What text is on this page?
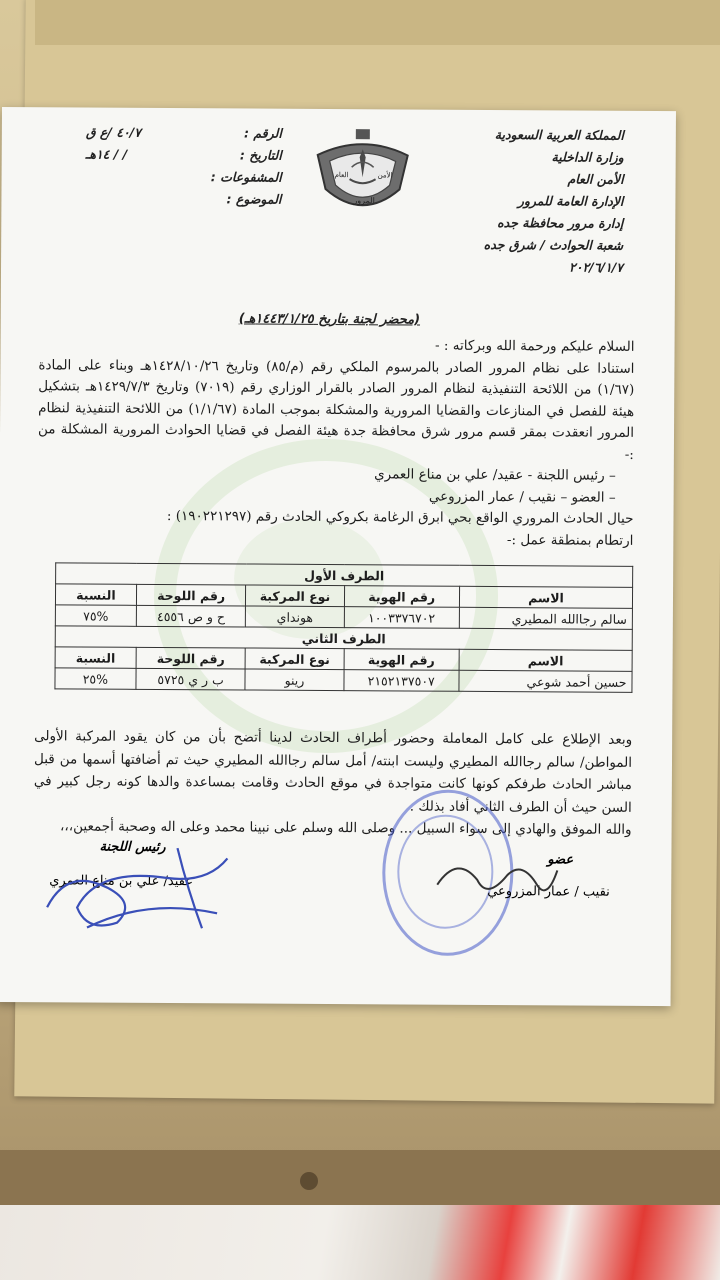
المملكة العربية السعودية
وزارة الداخلية
الأمن العام
الإدارة العامة للمرور
إدارة مرور محافظة جده
شعبة الحوادث / شرق جده
٢٠٢/٦/١/٧
الرقم :
٤٠/٧ /ع ق
التاريخ :
/ / ١٤هـ
المشفوعات :
الموضوع :
العام	الأمن
المرور
(محضر لجنة بتاريخ ١٤٤٣/١/٢٥هـ)

السلام عليكم ورحمة الله وبركاته : -

استنادا على نظام المرور الصادر بالمرسوم الملكي رقم (م/٨٥) وتاريخ ١٤٢٨/١٠/٢٦هـ وبناء على المادة (١/٦٧) من اللائحة التنفيذية لنظام المرور الصادر بالقرار الوزاري رقم (٧٠١٩) وتاريخ ١٤٢٩/٧/٣هـ بتشكيل هيئة للفصل في المنازعات والقضايا المرورية والمشكلة بموجب المادة (١/١/٦٧) من اللائحة التنفيذية لنظام المرور انعقدت بمقر قسم مرور شرق محافظة جدة هيئة الفصل في قضايا الحوادث المرورية المشكلة من :-

– رئيس اللجنة - عقيد/ علي بن مناع العمري

– العضو – نقيب / عمار المزروعي

حيال الحادث المروري الواقع بحي ابرق الرغامة بكروكي الحادث رقم (١٩٠٢٢١٢٩٧) :

ارتطام بمنطقة عمل :-

الطرف الأول				
الاسم	رقم الهوية	نوع المركبة	رقم اللوحة	النسبة
سالم رجاالله المطيري	١٠٠٣٣٧٦٧٠٢	هونداي	ح و ص ٤٥٥٦	%٧٥
الطرف الثاني				
الاسم	رقم الهوية	نوع المركبة	رقم اللوحة	النسبة
حسين أحمد شوعي	٢١٥٢١٣٧٥٠٧	رينو	ب ر ي ٥٧٢٥	%٢٥

وبعد الإطلاع على كامل المعاملة وحضور أطراف الحادث لدينا أتضح بأن من كان يقود المركبة الأولى المواطن/ سالم رجاالله المطيري وليست ابنته/ أمل سالم رجاالله المطيري حيث تم أضافتها أسمها من قبل مباشر الحادث طرفكم كونها كانت متواجدة في موقع الحادث وقامت بمساعدة والدها كونه رجل كبير في السن حيث أن الطرف الثاني أفاد بذلك .

والله الموفق والهادي إلى سواء السبيل ... وصلى الله وسلم على نبينا محمد وعلى اله وصحبة أجمعين،،،

رئيس اللجنة
عقيد/ علي بن مناع العمري
عضو
نقيب / عمار المزروعي
